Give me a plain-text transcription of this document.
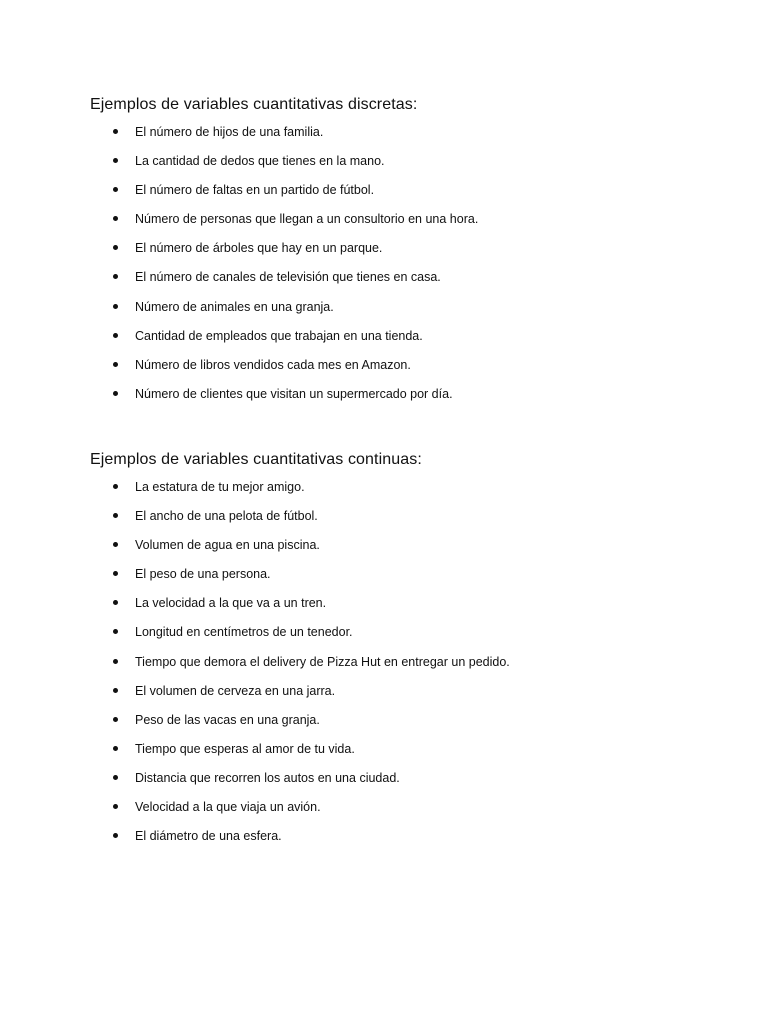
Ejemplos de variables cuantitativas discretas:
El número de hijos de una familia.
La cantidad de dedos que tienes en la mano.
El número de faltas en un partido de fútbol.
Número de personas que llegan a un consultorio en una hora.
El número de árboles que hay en un parque.
El número de canales de televisión que tienes en casa.
Número de animales en una granja.
Cantidad de empleados que trabajan en una tienda.
Número de libros vendidos cada mes en Amazon.
Número de clientes que visitan un supermercado por día.
Ejemplos de variables cuantitativas continuas:
La estatura de tu mejor amigo.
El ancho de una pelota de fútbol.
Volumen de agua en una piscina.
El peso de una persona.
La velocidad a la que va a un tren.
Longitud en centímetros de un tenedor.
Tiempo que demora el delivery de Pizza Hut en entregar un pedido.
El volumen de cerveza en una jarra.
Peso de las vacas en una granja.
Tiempo que esperas al amor de tu vida.
Distancia que recorren los autos en una ciudad.
Velocidad a la que viaja un avión.
El diámetro de una esfera.
